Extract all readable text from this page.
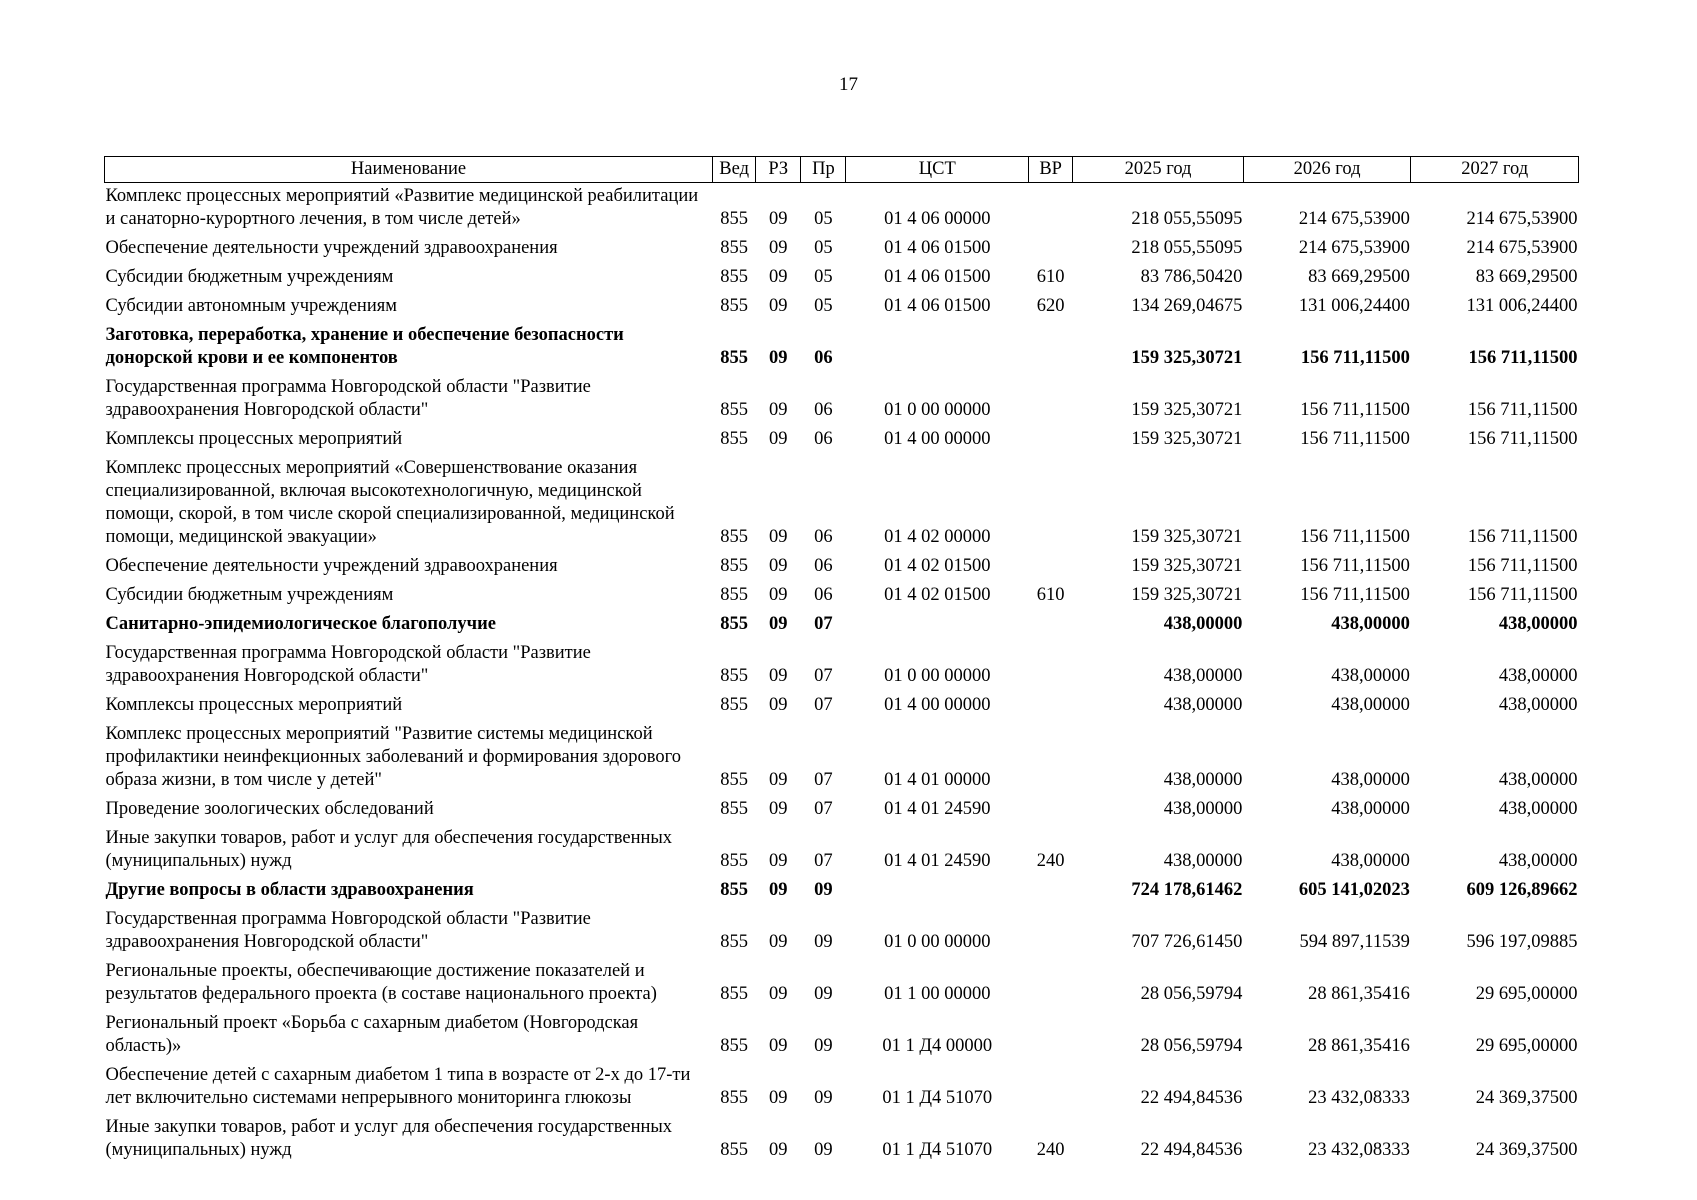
17
Наименование	Вед	РЗ	Пр	ЦСТ	ВР	2025 год	2026 год	2027 год
Комплекс процессных мероприятий «Развитие медицинской реабилитации и санаторно-курортного лечения, в том числе детей»	855	09	05	01 4 06 00000		218 055,55095	214 675,53900	214 675,53900
Обеспечение деятельности учреждений здравоохранения	855	09	05	01 4 06 01500		218 055,55095	214 675,53900	214 675,53900
Субсидии бюджетным учреждениям	855	09	05	01 4 06 01500	610	83 786,50420	83 669,29500	83 669,29500
Субсидии автономным учреждениям	855	09	05	01 4 06 01500	620	134 269,04675	131 006,24400	131 006,24400
Заготовка, переработка, хранение и обеспечение безопасности донорской крови и ее компонентов	855	09	06			159 325,30721	156 711,11500	156 711,11500
Государственная программа Новгородской области "Развитие здравоохранения Новгородской области"	855	09	06	01 0 00 00000		159 325,30721	156 711,11500	156 711,11500
Комплексы процессных мероприятий	855	09	06	01 4 00 00000		159 325,30721	156 711,11500	156 711,11500
Комплекс процессных мероприятий «Совершенствование оказания специализированной, включая высокотехнологичную, медицинской помощи, скорой, в том числе скорой специализированной, медицинской помощи, медицинской эвакуации»	855	09	06	01 4 02 00000		159 325,30721	156 711,11500	156 711,11500
Обеспечение деятельности учреждений здравоохранения	855	09	06	01 4 02 01500		159 325,30721	156 711,11500	156 711,11500
Субсидии бюджетным учреждениям	855	09	06	01 4 02 01500	610	159 325,30721	156 711,11500	156 711,11500
Санитарно-эпидемиологическое благополучие	855	09	07			438,00000	438,00000	438,00000
Государственная программа Новгородской области "Развитие здравоохранения Новгородской области"	855	09	07	01 0 00 00000		438,00000	438,00000	438,00000
Комплексы процессных мероприятий	855	09	07	01 4 00 00000		438,00000	438,00000	438,00000
Комплекс процессных мероприятий "Развитие системы медицинской профилактики неинфекционных заболеваний и формирования здорового образа жизни, в том числе у детей"	855	09	07	01 4 01 00000		438,00000	438,00000	438,00000
Проведение зоологических обследований	855	09	07	01 4 01 24590		438,00000	438,00000	438,00000
Иные закупки товаров, работ и услуг для обеспечения государственных (муниципальных) нужд	855	09	07	01 4 01 24590	240	438,00000	438,00000	438,00000
Другие вопросы в области здравоохранения	855	09	09			724 178,61462	605 141,02023	609 126,89662
Государственная программа Новгородской области "Развитие здравоохранения Новгородской области"	855	09	09	01 0 00 00000		707 726,61450	594 897,11539	596 197,09885
Региональные проекты, обеспечивающие достижение показателей и результатов федерального проекта (в составе национального проекта)	855	09	09	01 1 00 00000		28 056,59794	28 861,35416	29 695,00000
Региональный проект «Борьба с сахарным диабетом (Новгородская область)»	855	09	09	01 1 Д4 00000		28 056,59794	28 861,35416	29 695,00000
Обеспечение детей с сахарным диабетом 1 типа в возрасте от 2-х до 17-ти лет включительно системами непрерывного мониторинга глюкозы	855	09	09	01 1 Д4 51070		22 494,84536	23 432,08333	24 369,37500
Иные закупки товаров, работ и услуг для обеспечения государственных (муниципальных) нужд	855	09	09	01 1 Д4 51070	240	22 494,84536	23 432,08333	24 369,37500
